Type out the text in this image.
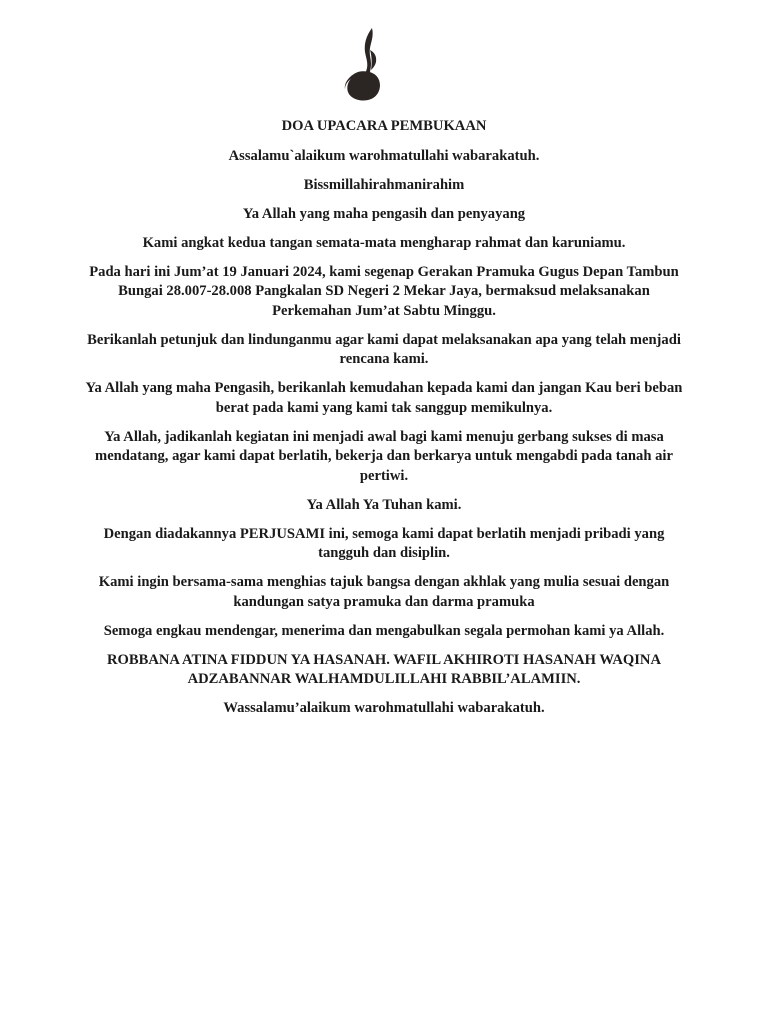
DOA UPACARA PEMBUKAAN

Assalamu`alaikum warohmatullahi wabarakatuh.

Bissmillahirahmanirahim

Ya Allah yang maha pengasih dan penyayang

Kami angkat kedua tangan semata-mata mengharap rahmat dan karuniamu.

Pada hari ini Jum’at 19 Januari 2024, kami segenap Gerakan Pramuka Gugus Depan Tambun Bungai 28.007-28.008 Pangkalan SD Negeri 2 Mekar Jaya, bermaksud melaksanakan Perkemahan Jum’at Sabtu Minggu.

Berikanlah petunjuk dan lindunganmu agar kami dapat melaksanakan apa yang telah menjadi rencana kami.

Ya Allah yang maha Pengasih, berikanlah kemudahan kepada kami dan jangan Kau beri beban berat pada kami yang kami tak sanggup memikulnya.

Ya Allah, jadikanlah kegiatan ini menjadi awal bagi kami menuju gerbang sukses di masa mendatang, agar kami dapat berlatih, bekerja dan berkarya untuk mengabdi pada tanah air pertiwi.

Ya Allah Ya Tuhan kami.

Dengan diadakannya PERJUSAMI ini, semoga kami dapat berlatih menjadi pribadi yang tangguh dan disiplin.

Kami ingin bersama-sama menghias tajuk bangsa dengan akhlak yang mulia sesuai dengan kandungan satya pramuka dan darma pramuka

Semoga engkau mendengar, menerima dan mengabulkan segala permohan kami ya Allah.

ROBBANA ATINA FIDDUN YA HASANAH. WAFIL AKHIROTI HASANAH WAQINA ADZABANNAR WALHAMDULILLAHI RABBIL’ALAMIIN.

Wassalamu’alaikum warohmatullahi wabarakatuh.
